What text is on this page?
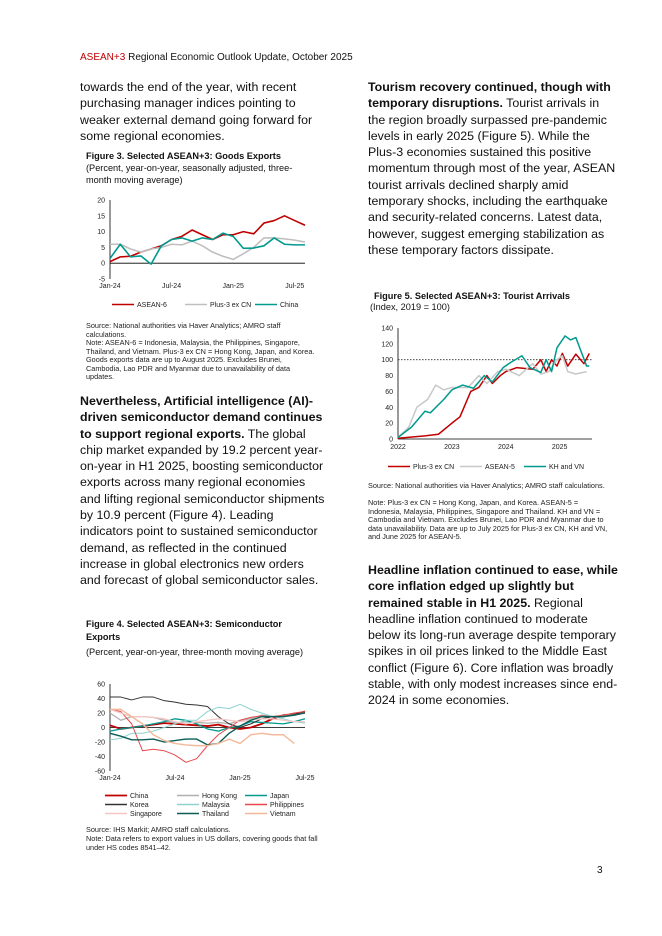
ASEAN+3 Regional Economic Outlook Update, October 2025

towards the end of the year, with recent purchasing manager indices pointing to weaker external demand going forward for some regional economies.

Figure 3. Selected ASEAN+3: Goods Exports
(Percent, year-on-year, seasonally adjusted, three-month moving average)
-5
0
5
10
15
20
Jan-24	Jul-24	Jan-25	Jul-25
ASEAN-6	Plus-3 ex CN	China
Source: National authorities via Haver Analytics; AMRO staff calculations.
Note: ASEAN-6 = Indonesia, Malaysia, the Philippines, Singapore, Thailand, and Vietnam. Plus-3 ex CN = Hong Kong, Japan, and Korea. Goods exports data are up to August 2025. Excludes Brunei, Cambodia, Lao PDR and Myanmar due to unavailability of data updates.

Nevertheless, Artificial intelligence (AI)-driven semiconductor demand continues to support regional exports. The global chip market expanded by 19.2 percent year-on-year in H1 2025, boosting semiconductor exports across many regional economies and lifting regional semiconductor shipments by 10.9 percent (Figure 4). Leading indicators point to sustained semiconductor demand, as reflected in the continued increase in global electronics new orders and forecast of global semiconductor sales.

Figure 4. Selected ASEAN+3: Semiconductor Exports
(Percent, year-on-year, three-month moving average)
-60
-40
-20
0
20
40
60
Jan-24	Jul-24	Jan-25	Jul-25
China	Hong Kong	Japan
Korea	Malaysia	Philippines
Singapore	Thailand	Vietnam
Source: IHS Markit; AMRO staff calculations.
Note: Data refers to export values in US dollars, covering goods that fall under HS codes 8541–42.

Tourism recovery continued, though with temporary disruptions. Tourist arrivals in the region broadly surpassed pre-pandemic levels in early 2025 (Figure 5). While the Plus-3 economies sustained this positive momentum through most of the year, ASEAN tourist arrivals declined sharply amid temporary shocks, including the earthquake and security-related concerns. Latest data, however, suggest emerging stabilization as these temporary factors dissipate.

Figure 5. Selected ASEAN+3: Tourist Arrivals
(Index, 2019 = 100)
0
20
40
60
80
100
120
140
2022	2023	2024	2025
Plus-3 ex CN	ASEAN-5	KH and VN
Source: National authorities via Haver Analytics; AMRO staff calculations.
Note: Plus-3 ex CN = Hong Kong, Japan, and Korea. ASEAN-5 = Indonesia, Malaysia, Philippines, Singapore and Thailand. KH and VN = Cambodia and Vietnam. Excludes Brunei, Lao PDR and Myanmar due to data unavailability. Data are up to July 2025 for Plus-3 ex CN, KH and VN, and June 2025 for ASEAN-5.

Headline inflation continued to ease, while core inflation edged up slightly but remained stable in H1 2025. Regional headline inflation continued to moderate below its long-run average despite temporary spikes in oil prices linked to the Middle East conflict (Figure 6). Core inflation was broadly stable, with only modest increases since end-2024 in some economies.

3
